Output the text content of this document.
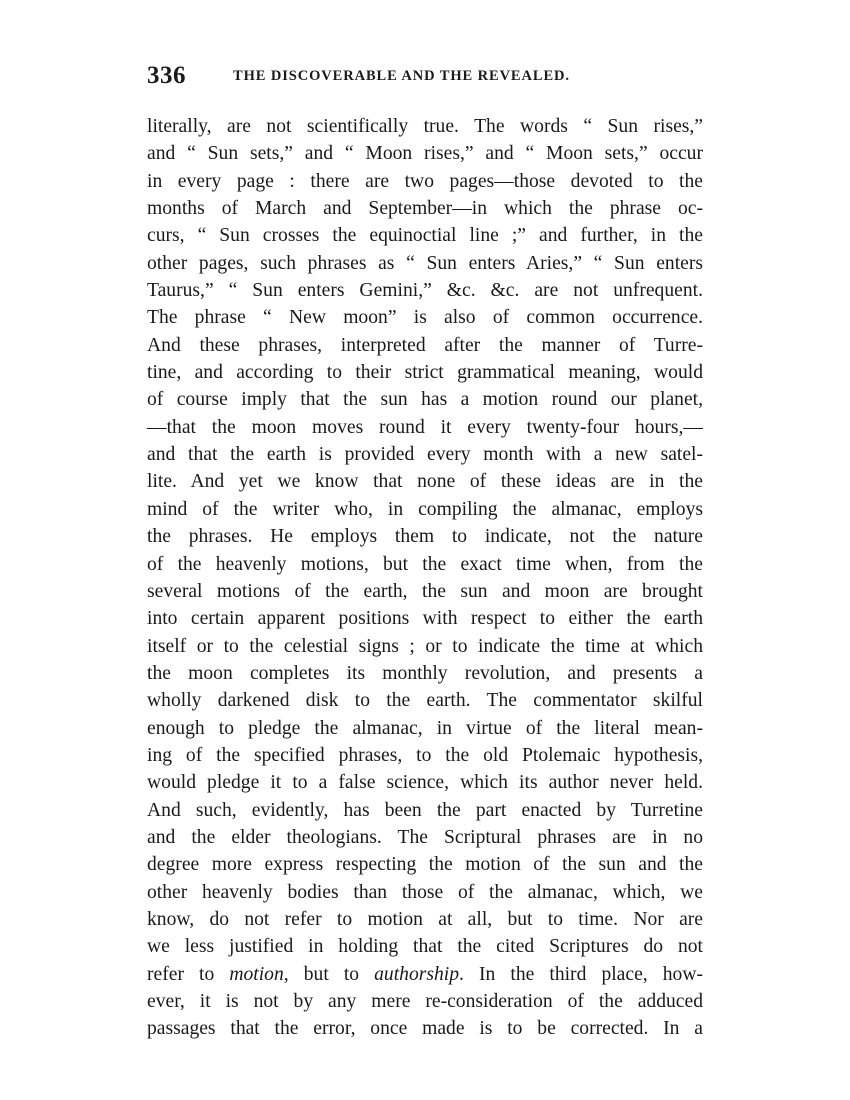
336	THE DISCOVERABLE AND THE REVEALED.
literally, are not scientifically true. The words “ Sun rises,”
and “ Sun sets,” and “ Moon rises,” and “ Moon sets,” occur
in every page : there are two pages—those devoted to the
months of March and September—in which the phrase oc-
curs, “ Sun crosses the equinoctial line ;” and further, in the
other pages, such phrases as “ Sun enters Aries,” “ Sun enters
Taurus,” “ Sun enters Gemini,” &c. &c. are not unfrequent.
The phrase “ New moon” is also of common occurrence.
And these phrases, interpreted after the manner of Turre-
tine, and according to their strict grammatical meaning, would
of course imply that the sun has a motion round our planet,
—that the moon moves round it every twenty-four hours,—
and that the earth is provided every month with a new satel-
lite. And yet we know that none of these ideas are in the
mind of the writer who, in compiling the almanac, employs
the phrases. He employs them to indicate, not the nature
of the heavenly motions, but the exact time when, from the
several motions of the earth, the sun and moon are brought
into certain apparent positions with respect to either the earth
itself or to the celestial signs ; or to indicate the time at which
the moon completes its monthly revolution, and presents a
wholly darkened disk to the earth. The commentator skilful
enough to pledge the almanac, in virtue of the literal mean-
ing of the specified phrases, to the old Ptolemaic hypothesis,
would pledge it to a false science, which its author never held.
And such, evidently, has been the part enacted by Turretine
and the elder theologians. The Scriptural phrases are in no
degree more express respecting the motion of the sun and the
other heavenly bodies than those of the almanac, which, we
know, do not refer to motion at all, but to time. Nor are
we less justified in holding that the cited Scriptures do not
refer to motion, but to authorship. In the third place, how-
ever, it is not by any mere re-consideration of the adduced
passages that the error, once made is to be corrected. In a
